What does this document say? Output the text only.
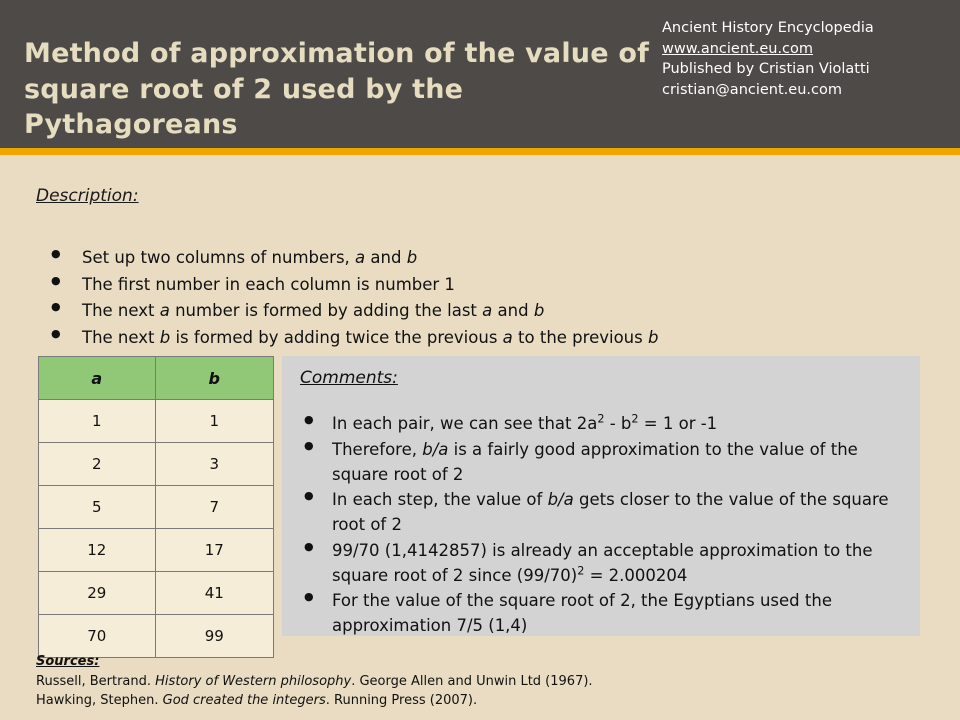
Method of approximation of the value of square root of 2 used by the Pythagoreans
Ancient History Encyclopedia
www.ancient.eu.com
Published by Cristian Violatti
cristian@ancient.eu.com
Description:
● Set up two columns of numbers, a and b
● The first number in each column is number 1
● The next a number is formed by adding the last a and b
● The next b is formed by adding twice the previous a to the previous b
a	b
1	1
2	3
5	7
12	17
29	41
70	99
Comments:
● In each pair, we can see that $2a^2 - b^2 = 1$ or -1
● Therefore, b/a is a fairly good approximation to the value of the square root of 2
● In each step, the value of b/a gets closer to the value of the square root of 2
● 99/70 (1,4142857) is already an acceptable approximation to the square root of 2 since $(99/70)^2 = 2.000204$
● For the value of the square root of 2, the Egyptians used the approximation 7/5 (1,4)
Sources:
Russell, Bertrand. History of Western philosophy. George Allen and Unwin Ltd (1967).
Hawking, Stephen. God created the integers. Running Press (2007).
